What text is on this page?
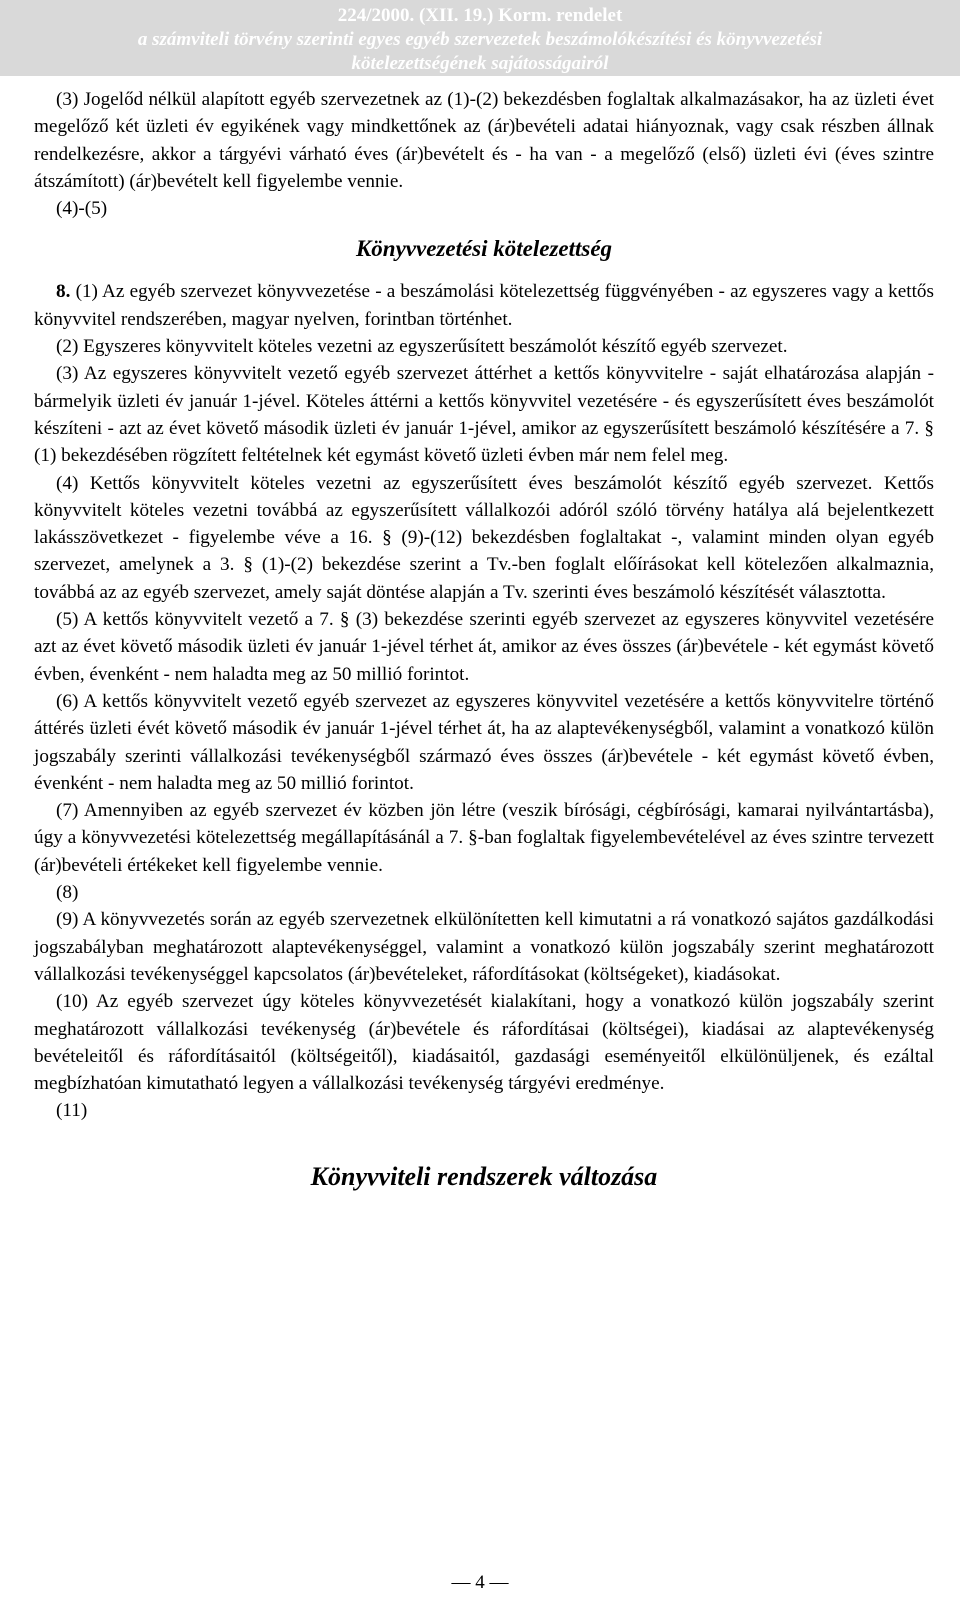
224/2000. (XII. 19.) Korm. rendelet
a számviteli törvény szerinti egyes egyéb szervezetek beszámolókészítési és könyvvezetési
kötelezettségének sajátosságairól

(3) Jogelőd nélkül alapított egyéb szervezetnek az (1)-(2) bekezdésben foglaltak alkalmazásakor, ha az üzleti évet megelőző két üzleti év egyikének vagy mindkettőnek az (ár)bevételi adatai hiányoznak, vagy csak részben állnak rendelkezésre, akkor a tárgyévi várható éves (ár)bevételt és - ha van - a megelőző (első) üzleti évi (éves szintre átszámított) (ár)bevételt kell figyelembe vennie.

(4)-(5)

Könyvvezetési kötelezettség

8. (1) Az egyéb szervezet könyvvezetése - a beszámolási kötelezettség függvényében - az egyszeres vagy a kettős könyvvitel rendszerében, magyar nyelven, forintban történhet.

(2) Egyszeres könyvvitelt köteles vezetni az egyszerűsített beszámolót készítő egyéb szervezet.

(3) Az egyszeres könyvvitelt vezető egyéb szervezet áttérhet a kettős könyvvitelre - saját elhatározása alapján - bármelyik üzleti év január 1-jével. Köteles áttérni a kettős könyvvitel vezetésére - és egyszerűsített éves beszámolót készíteni - azt az évet követő második üzleti év január 1-jével, amikor az egyszerűsített beszámoló készítésére a 7. § (1) bekezdésében rögzített feltételnek két egymást követő üzleti évben már nem felel meg.

(4) Kettős könyvvitelt köteles vezetni az egyszerűsített éves beszámolót készítő egyéb szervezet. Kettős könyvvitelt köteles vezetni továbbá az egyszerűsített vállalkozói adóról szóló törvény hatálya alá bejelentkezett lakásszövetkezet - figyelembe véve a 16. § (9)-(12) bekezdésben foglaltakat -, valamint minden olyan egyéb szervezet, amelynek a 3. § (1)-(2) bekezdése szerint a Tv.-ben foglalt előírásokat kell kötelezően alkalmaznia, továbbá az az egyéb szervezet, amely saját döntése alapján a Tv. szerinti éves beszámoló készítését választotta.

(5) A kettős könyvvitelt vezető a 7. § (3) bekezdése szerinti egyéb szervezet az egyszeres könyvvitel vezetésére azt az évet követő második üzleti év január 1-jével térhet át, amikor az éves összes (ár)bevétele - két egymást követő évben, évenként - nem haladta meg az 50 millió forintot.

(6) A kettős könyvvitelt vezető egyéb szervezet az egyszeres könyvvitel vezetésére a kettős könyvvitelre történő áttérés üzleti évét követő második év január 1-jével térhet át, ha az alaptevékenységből, valamint a vonatkozó külön jogszabály szerinti vállalkozási tevékenységből származó éves összes (ár)bevétele - két egymást követő évben, évenként - nem haladta meg az 50 millió forintot.

(7) Amennyiben az egyéb szervezet év közben jön létre (veszik bírósági, cégbírósági, kamarai nyilvántartásba), úgy a könyvvezetési kötelezettség megállapításánál a 7. §-ban foglaltak figyelembevételével az éves szintre tervezett (ár)bevételi értékeket kell figyelembe vennie.

(8)

(9) A könyvvezetés során az egyéb szervezetnek elkülönítetten kell kimutatni a rá vonatkozó sajátos gazdálkodási jogszabályban meghatározott alaptevékenységgel, valamint a vonatkozó külön jogszabály szerint meghatározott vállalkozási tevékenységgel kapcsolatos (ár)bevételeket, ráfordításokat (költségeket), kiadásokat.

(10) Az egyéb szervezet úgy köteles könyvvezetését kialakítani, hogy a vonatkozó külön jogszabály szerint meghatározott vállalkozási tevékenység (ár)bevétele és ráfordításai (költségei), kiadásai az alaptevékenység bevételeitől és ráfordításaitól (költségeitől), kiadásaitól, gazdasági eseményeitől elkülönüljenek, és ezáltal megbízhatóan kimutatható legyen a vállalkozási tevékenység tárgyévi eredménye.

(11)

Könyvviteli rendszerek változása
— 4 —
